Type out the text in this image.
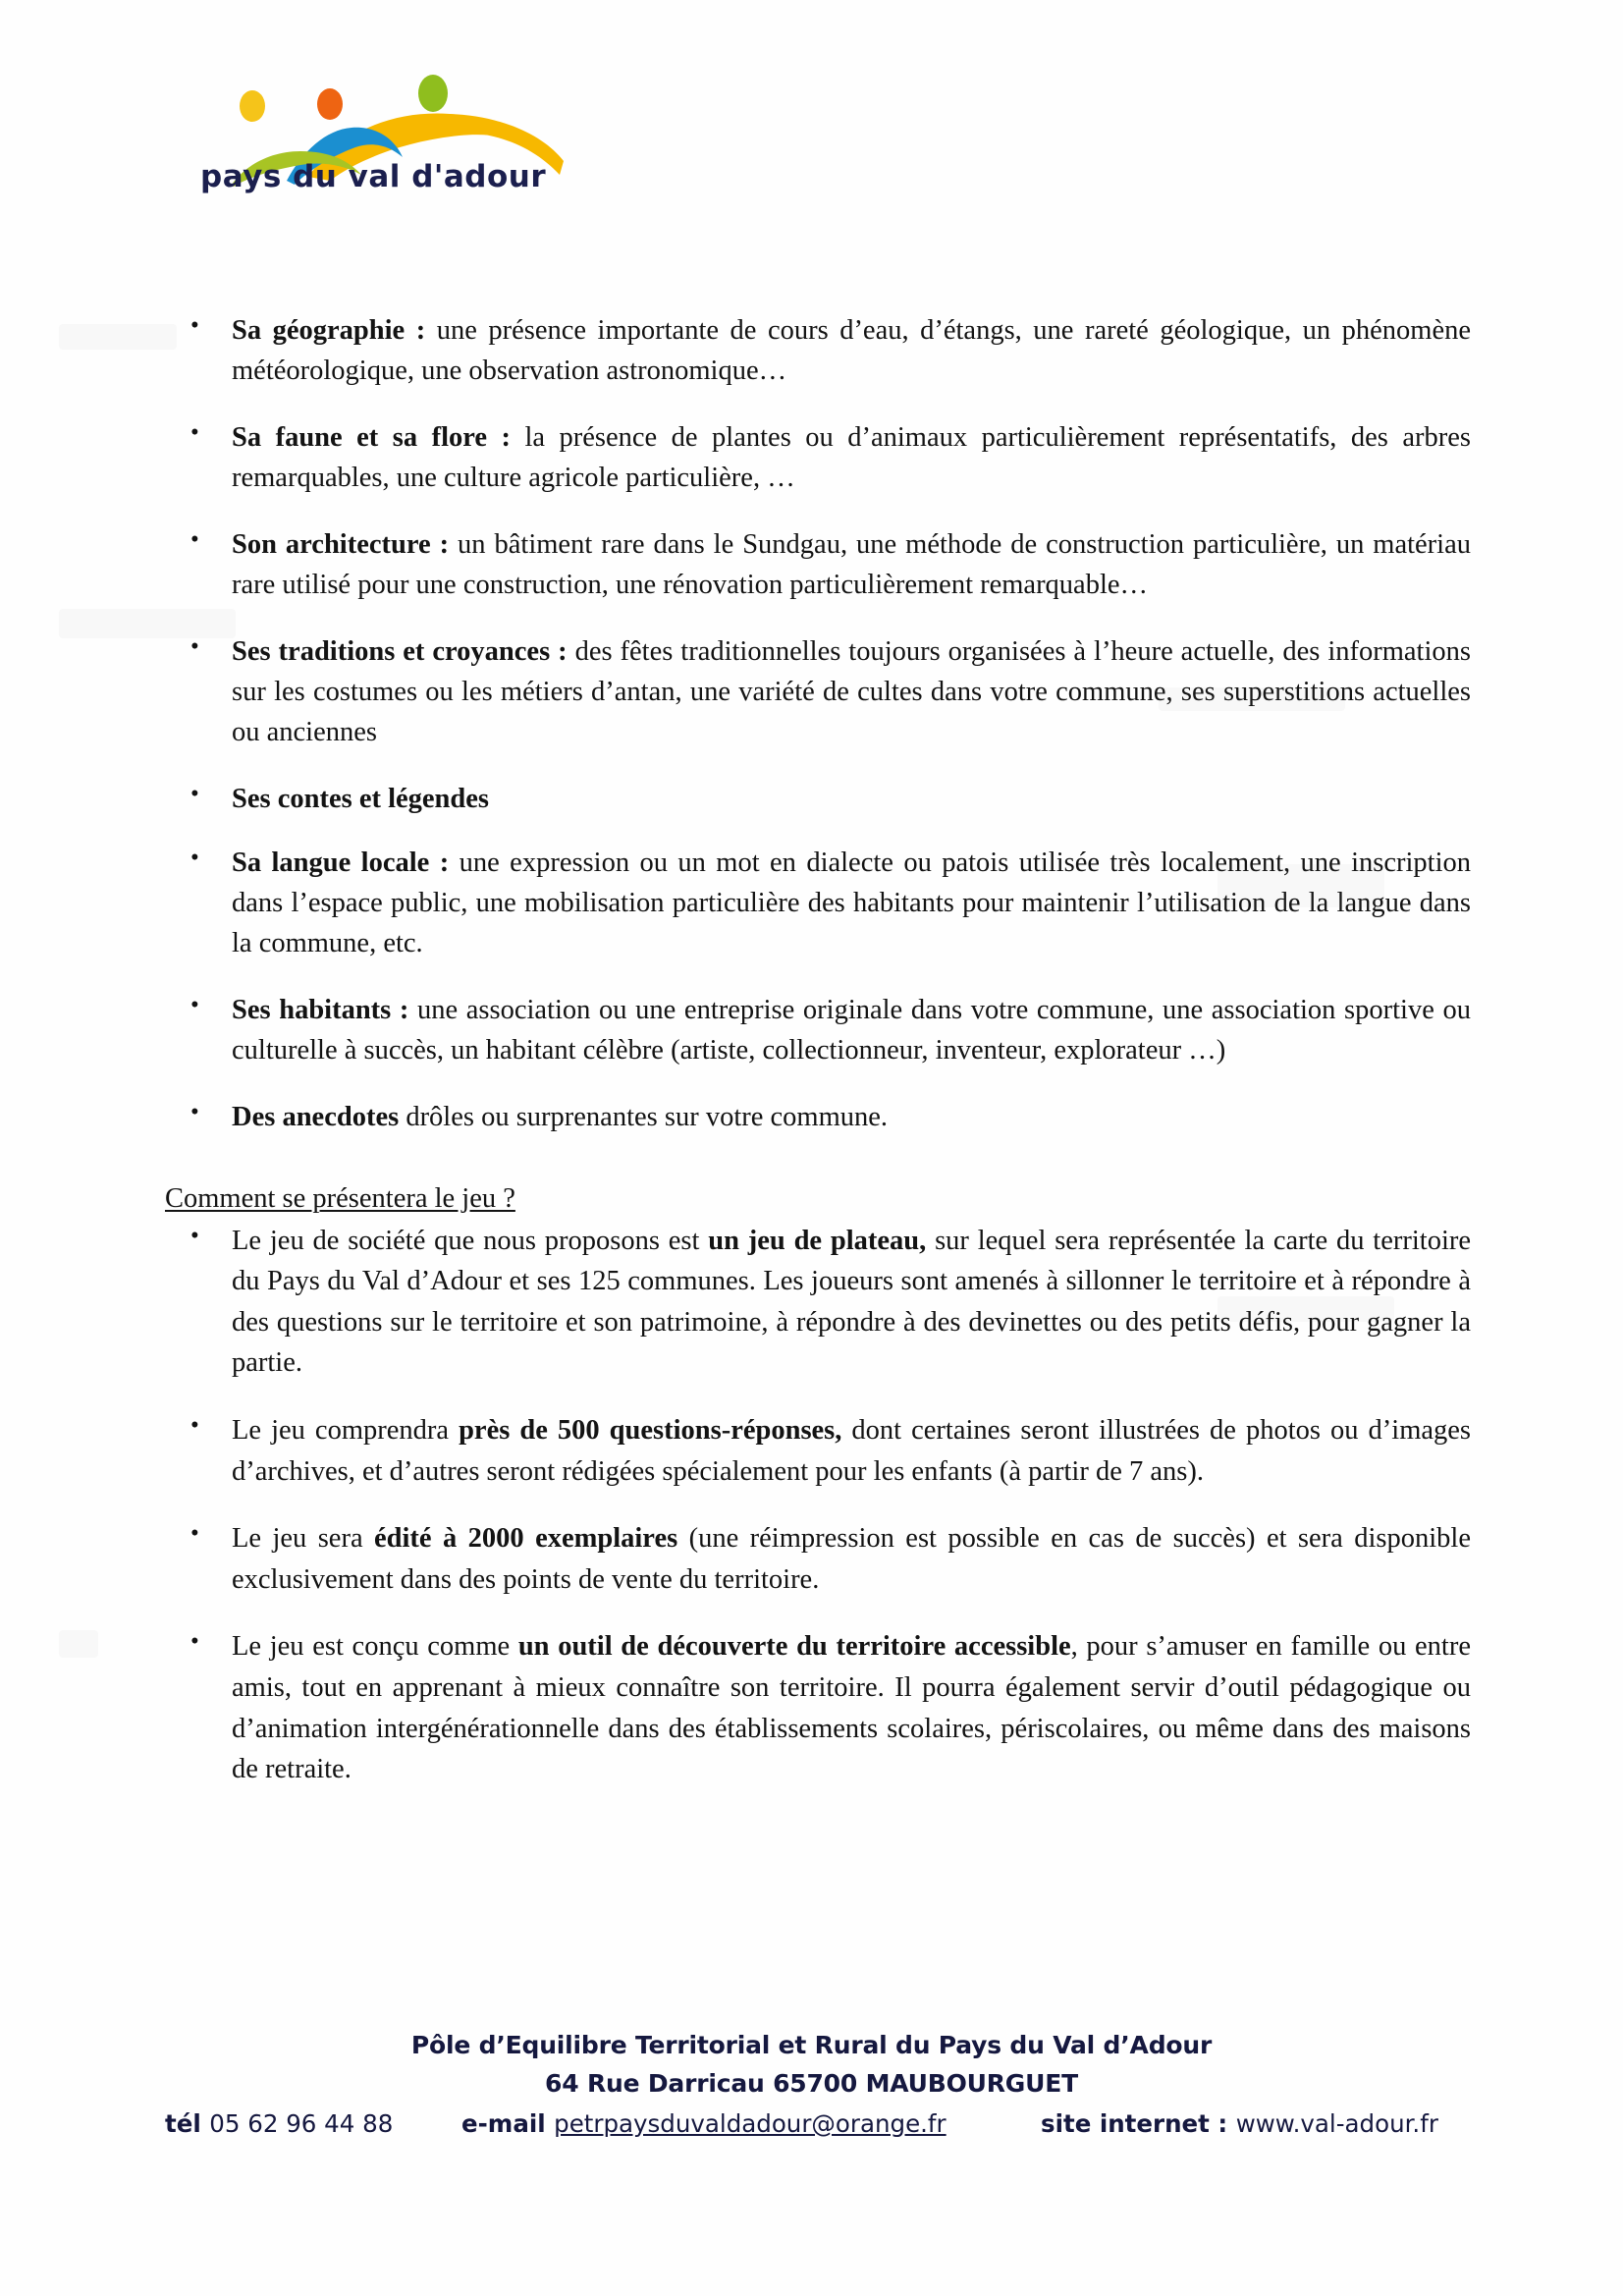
pays du val d'adour
• Sa géographie : une présence importante de cours d’eau, d’étangs, une rareté géologique, un phénomène météorologique, une observation astronomique…
• Sa faune et sa flore : la présence de plantes ou d’animaux particulièrement représentatifs, des arbres remarquables, une culture agricole particulière, …
• Son architecture : un bâtiment rare dans le Sundgau, une méthode de construction particulière, un matériau rare utilisé pour une construction, une rénovation particulièrement remarquable…
• Ses traditions et croyances : des fêtes traditionnelles toujours organisées à l’heure actuelle, des informations sur les costumes ou les métiers d’antan, une variété de cultes dans votre commune, ses superstitions actuelles ou anciennes
• Ses contes et légendes
• Sa langue locale : une expression ou un mot en dialecte ou patois utilisée très localement, une inscription dans l’espace public, une mobilisation particulière des habitants pour maintenir l’utilisation de la langue dans la commune, etc.
• Ses habitants : une association ou une entreprise originale dans votre commune, une association sportive ou culturelle à succès, un habitant célèbre (artiste, collectionneur, inventeur, explorateur …)
• Des anecdotes drôles ou surprenantes sur votre commune.
Comment se présentera le jeu ?
• Le jeu de société que nous proposons est un jeu de plateau, sur lequel sera représentée la carte du territoire du Pays du Val d’Adour et ses 125 communes. Les joueurs sont amenés à sillonner le territoire et à répondre à des questions sur le territoire et son patrimoine, à répondre à des devinettes ou des petits défis, pour gagner la partie.
• Le jeu comprendra près de 500 questions-réponses, dont certaines seront illustrées de photos ou d’images d’archives, et d’autres seront rédigées spécialement pour les enfants (à partir de 7 ans).
• Le jeu sera édité à 2000 exemplaires (une réimpression est possible en cas de succès) et sera disponible exclusivement dans des points de vente du territoire.
• Le jeu est conçu comme un outil de découverte du territoire accessible, pour s’amuser en famille ou entre amis, tout en apprenant à mieux connaître son territoire. Il pourra également servir d’outil pédagogique ou d’animation intergénérationnelle dans des établissements scolaires, périscolaires, ou même dans des maisons de retraite.
Pôle d’Equilibre Territorial et Rural du Pays du Val d’Adour
64 Rue Darricau 65700 MAUBOURGUET
tél 05 62 96 44 88	e-mail petrpaysduvaldadour@orange.fr	site internet : www.val-adour.fr
